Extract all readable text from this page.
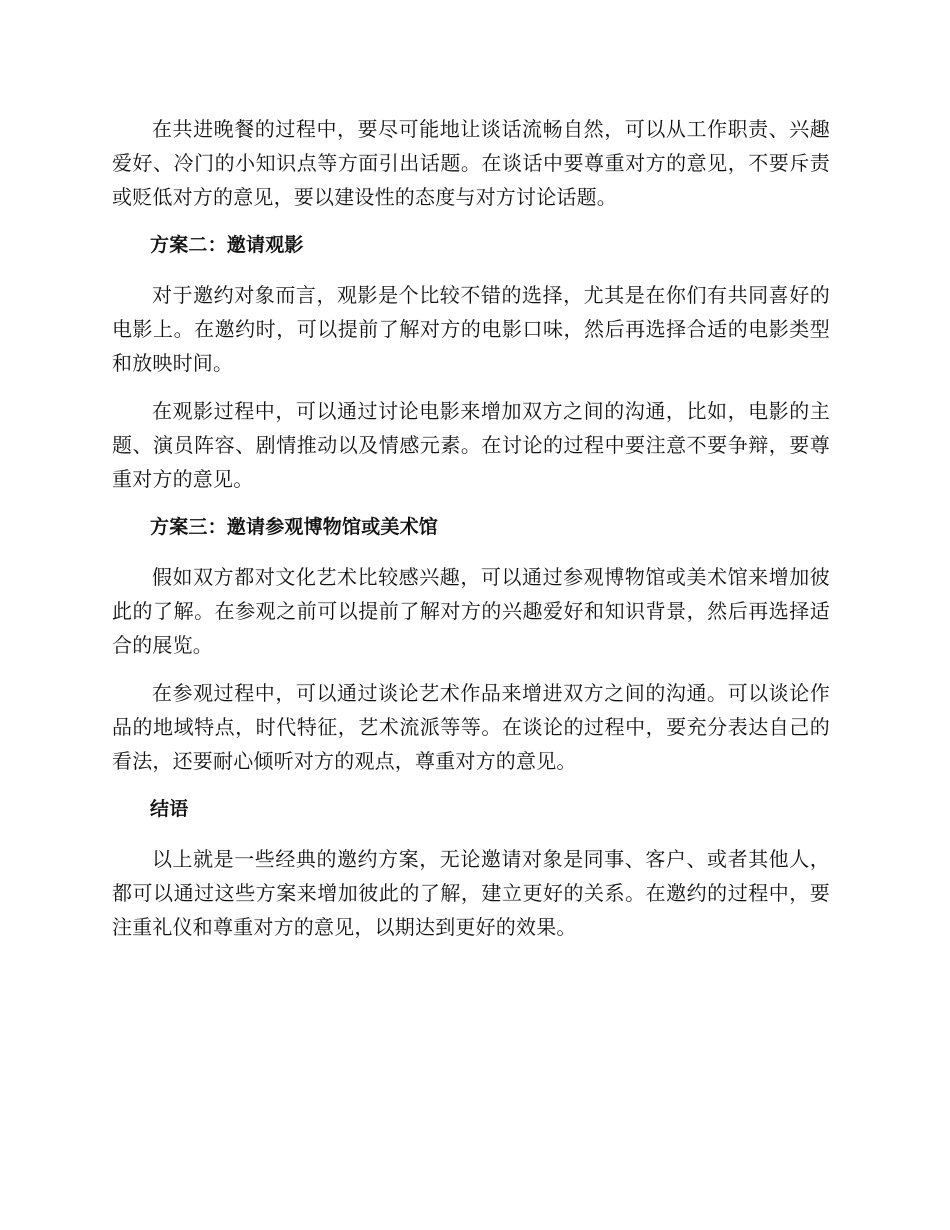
在共进晚餐的过程中，要尽可能地让谈话流畅自然，可以从工作职责、兴趣爱好、冷门的小知识点等方面引出话题。在谈话中要尊重对方的意见，不要斥责或贬低对方的意见，要以建设性的态度与对方讨论话题。

方案二：邀请观影

对于邀约对象而言，观影是个比较不错的选择，尤其是在你们有共同喜好的电影上。在邀约时，可以提前了解对方的电影口味，然后再选择合适的电影类型和放映时间。

在观影过程中，可以通过讨论电影来增加双方之间的沟通，比如，电影的主题、演员阵容、剧情推动以及情感元素。在讨论的过程中要注意不要争辩，要尊重对方的意见。

方案三：邀请参观博物馆或美术馆

假如双方都对文化艺术比较感兴趣，可以通过参观博物馆或美术馆来增加彼此的了解。在参观之前可以提前了解对方的兴趣爱好和知识背景，然后再选择适合的展览。

在参观过程中，可以通过谈论艺术作品来增进双方之间的沟通。可以谈论作品的地域特点，时代特征，艺术流派等等。在谈论的过程中，要充分表达自己的看法，还要耐心倾听对方的观点，尊重对方的意见。

结语

以上就是一些经典的邀约方案，无论邀请对象是同事、客户、或者其他人，都可以通过这些方案来增加彼此的了解，建立更好的关系。在邀约的过程中，要注重礼仪和尊重对方的意见，以期达到更好的效果。
